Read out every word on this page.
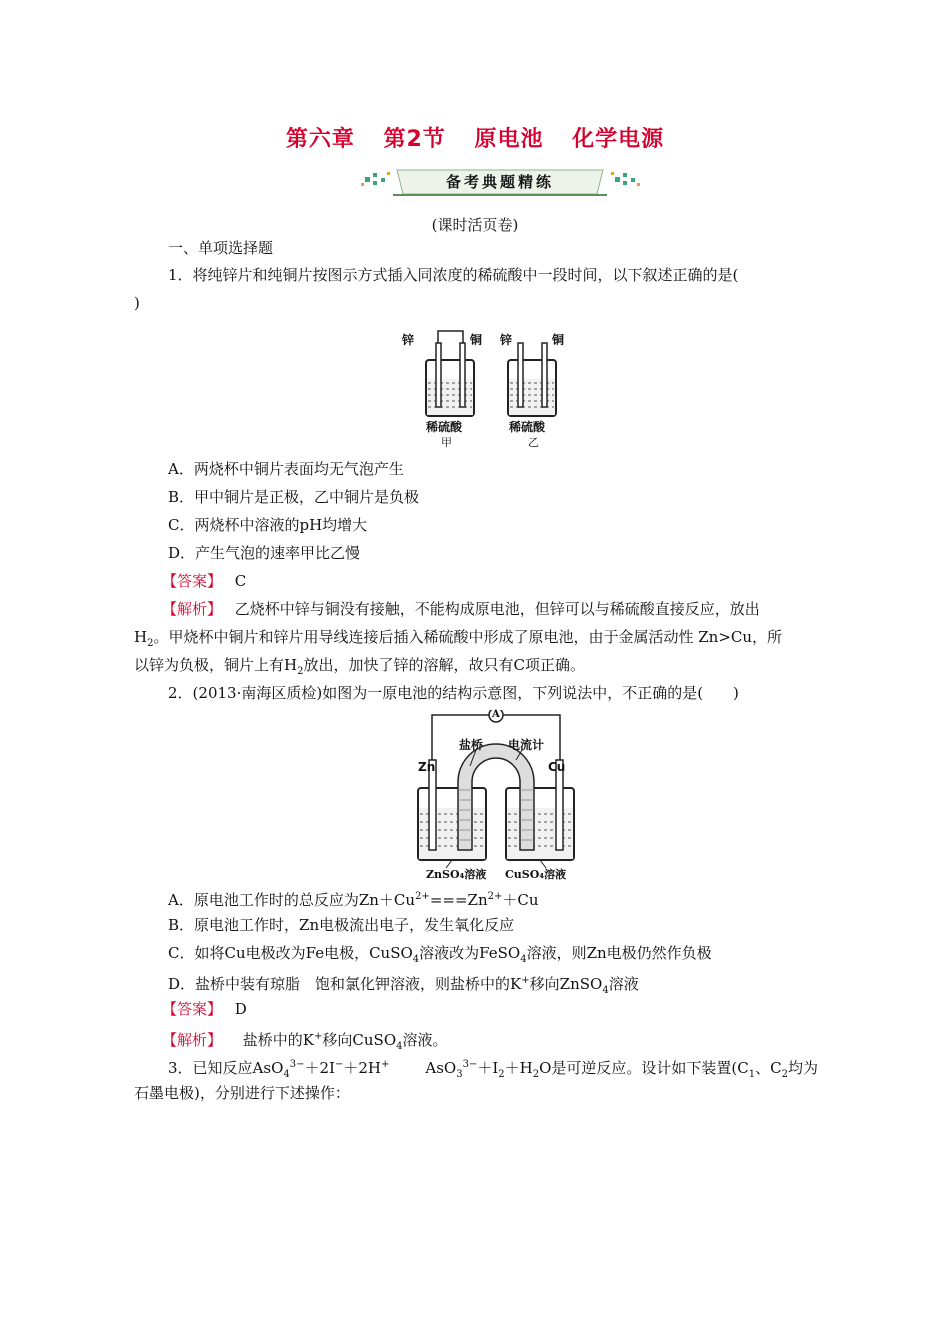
第六章 第2节 原电池 化学电源
备考典题精练
(课时活页卷)
一、单项选择题
1．将纯锌片和纯铜片按图示方式插入同浓度的稀硫酸中一段时间，以下叙述正确的是(
)
锌	铜	锌	铜
稀硫酸	稀硫酸
甲	乙
A．两烧杯中铜片表面均无气泡产生
B．甲中铜片是正极，乙中铜片是负极
C．两烧杯中溶液的pH均增大
D．产生气泡的速率甲比乙慢
【答案】 C
【解析】 乙烧杯中锌与铜没有接触，不能构成原电池，但锌可以与稀硫酸直接反应，放出
$H_2$。甲烧杯中铜片和锌片用导线连接后插入稀硫酸中形成了原电池，由于金属活动性 Zn>Cu，所
以锌为负极，铜片上有$H_2$放出，加快了锌的溶解，故只有C项正确。
2．(2013·南海区质检)如图为一原电池的结构示意图，下列说法中，不正确的是(　　)
A
盐桥	电流计
Zn	Cu
ZnSO₄溶液	CuSO₄溶液
A．原电池工作时的总反应为$Zn+Cu^{2+}===Zn^{2+}+Cu$
B．原电池工作时，Zn电极流出电子，发生氧化反应
C．如将Cu电极改为Fe电极，CuSO$_4$溶液改为FeSO$_4$溶液，则Zn电极仍然作负极
D．盐桥中装有琼脂　饱和氯化钾溶液，则盐桥中的K+移向ZnSO$_4$溶液
【答案】 D
【解析】 盐桥中的K+移向CuSO$_4$溶液。
3．已知反应AsO$_4^{3-}$＋2I−＋2H+ $AsO_3^{3-}+I_2+H_2O$是可逆反应。设计如下装置($C_1$、$C_2$均为
石墨电极)，分别进行下述操作：
